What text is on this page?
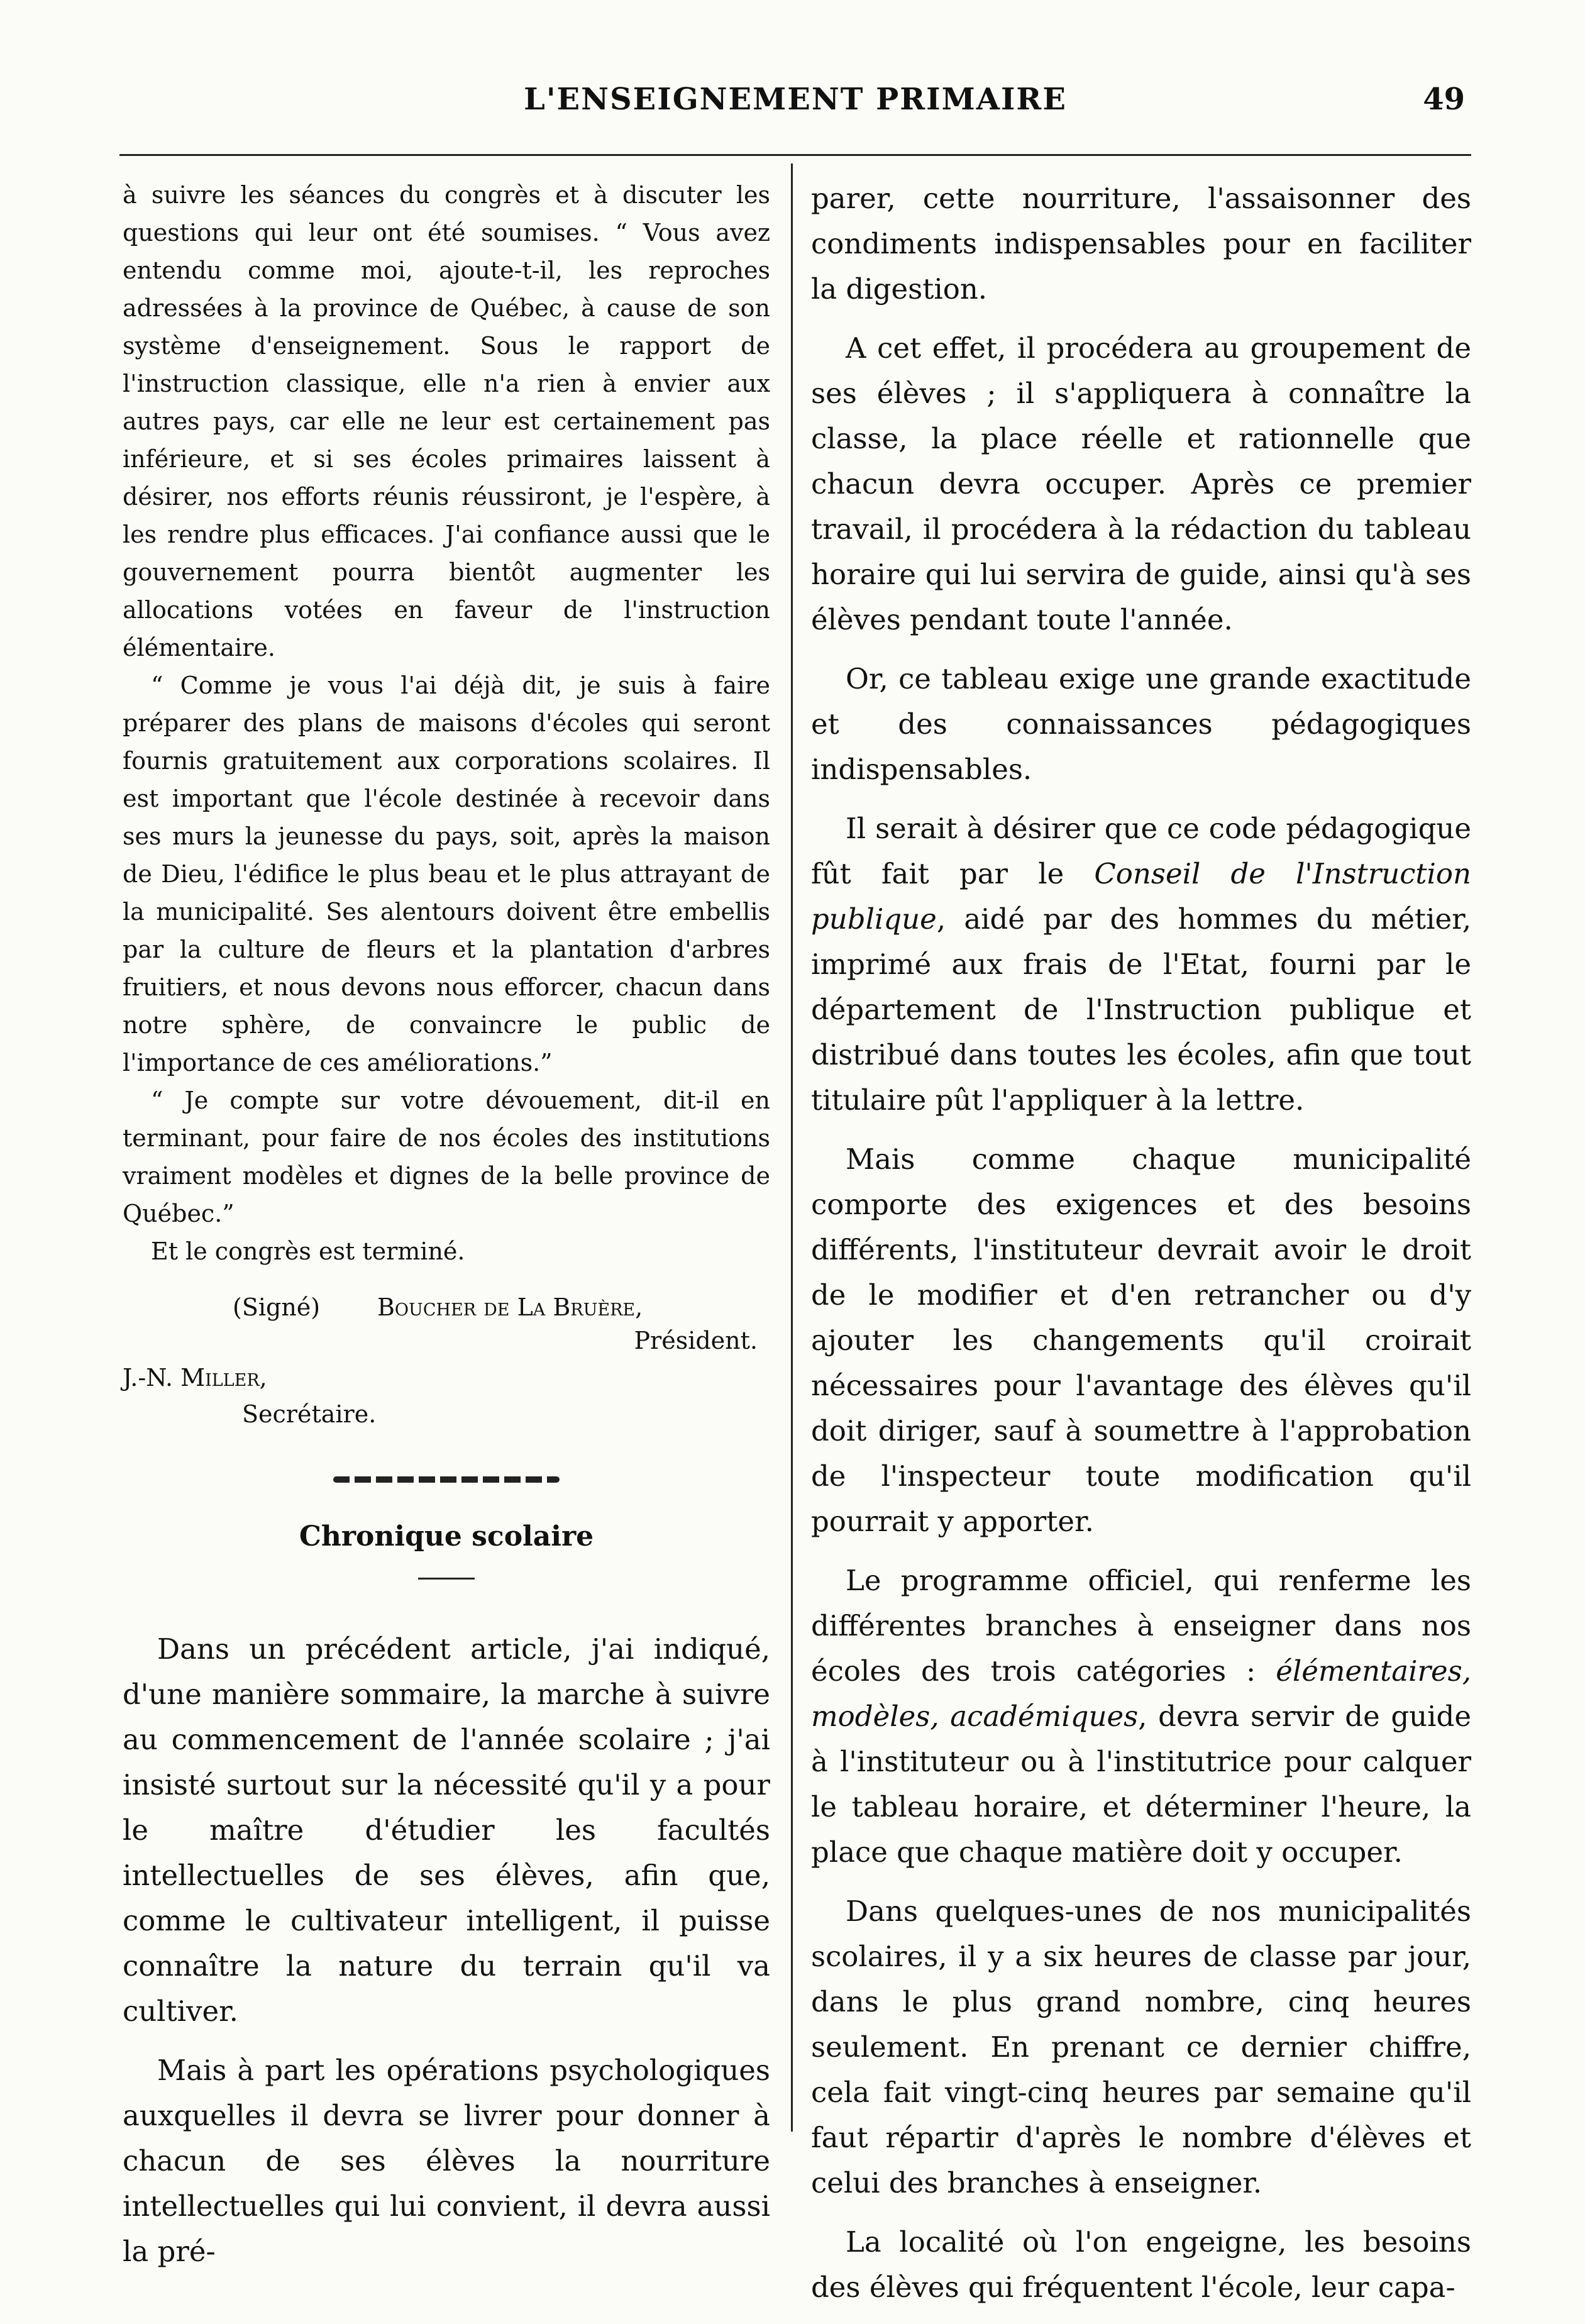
L'ENSEIGNEMENT PRIMAIRE	49

à suivre les séances du congrès et à discuter les questions qui leur ont été soumises. “ Vous avez entendu comme moi, ajoute-t-il, les reproches adressées à la province de Québec, à cause de son système d'enseignement. Sous le rapport de l'instruction classique, elle n'a rien à envier aux autres pays, car elle ne leur est certainement pas inférieure, et si ses écoles primaires laissent à désirer, nos efforts réunis réussiront, je l'espère, à les rendre plus efficaces. J'ai confiance aussi que le gouvernement pourra bientôt augmenter les allocations votées en faveur de l'instruction élémentaire.

“ Comme je vous l'ai déjà dit, je suis à faire préparer des plans de maisons d'écoles qui seront fournis gratuitement aux corporations scolaires. Il est important que l'école destinée à recevoir dans ses murs la jeunesse du pays, soit, après la maison de Dieu, l'édifice le plus beau et le plus attrayant de la municipalité. Ses alentours doivent être embellis par la culture de fleurs et la plantation d'arbres fruitiers, et nous devons nous efforcer, chacun dans notre sphère, de convaincre le public de l'importance de ces améliorations.”

“ Je compte sur votre dévouement, dit-il en terminant, pour faire de nos écoles des institutions vraiment modèles et dignes de la belle province de Québec.”

Et le congrès est terminé.

(Signé)	Boucher de La Bruère,
Président.
J.-N. Miller,
Secrétaire.
Chronique scolaire

Dans un précédent article, j'ai indiqué, d'une manière sommaire, la marche à suivre au commencement de l'année scolaire ; j'ai insisté surtout sur la nécessité qu'il y a pour le maître d'étudier les facultés intellectuelles de ses élèves, afin que, comme le cultivateur intelligent, il puisse connaître la nature du terrain qu'il va cultiver.

Mais à part les opérations psychologiques auxquelles il devra se livrer pour donner à chacun de ses élèves la nourriture intellectuelles qui lui convient, il devra aussi la pré-

parer, cette nourriture, l'assaisonner des condiments indispensables pour en faciliter la digestion.

A cet effet, il procédera au groupement de ses élèves ; il s'appliquera à connaître la classe, la place réelle et rationnelle que chacun devra occuper. Après ce premier travail, il procédera à la rédaction du tableau horaire qui lui servira de guide, ainsi qu'à ses élèves pendant toute l'année.

Or, ce tableau exige une grande exactitude et des connaissances pédagogiques indispensables.

Il serait à désirer que ce code pédagogique fût fait par le Conseil de l'Instruction publique, aidé par des hommes du métier, imprimé aux frais de l'Etat, fourni par le département de l'Instruction publique et distribué dans toutes les écoles, afin que tout titulaire pût l'appliquer à la lettre.

Mais comme chaque municipalité comporte des exigences et des besoins différents, l'instituteur devrait avoir le droit de le modifier et d'en retrancher ou d'y ajouter les changements qu'il croirait nécessaires pour l'avantage des élèves qu'il doit diriger, sauf à soumettre à l'approbation de l'inspecteur toute modification qu'il pourrait y apporter.

Le programme officiel, qui renferme les différentes branches à enseigner dans nos écoles des trois catégories : élémentaires, modèles, académiques, devra servir de guide à l'instituteur ou à l'institutrice pour calquer le tableau horaire, et déterminer l'heure, la place que chaque matière doit y occuper.

Dans quelques-unes de nos municipalités scolaires, il y a six heures de classe par jour, dans le plus grand nombre, cinq heures seulement. En prenant ce dernier chiffre, cela fait vingt-cinq heures par semaine qu'il faut répartir d'après le nombre d'élèves et celui des branches à enseigner.

La localité où l'on engeigne, les besoins des élèves qui fréquentent l'école, leur capa-
